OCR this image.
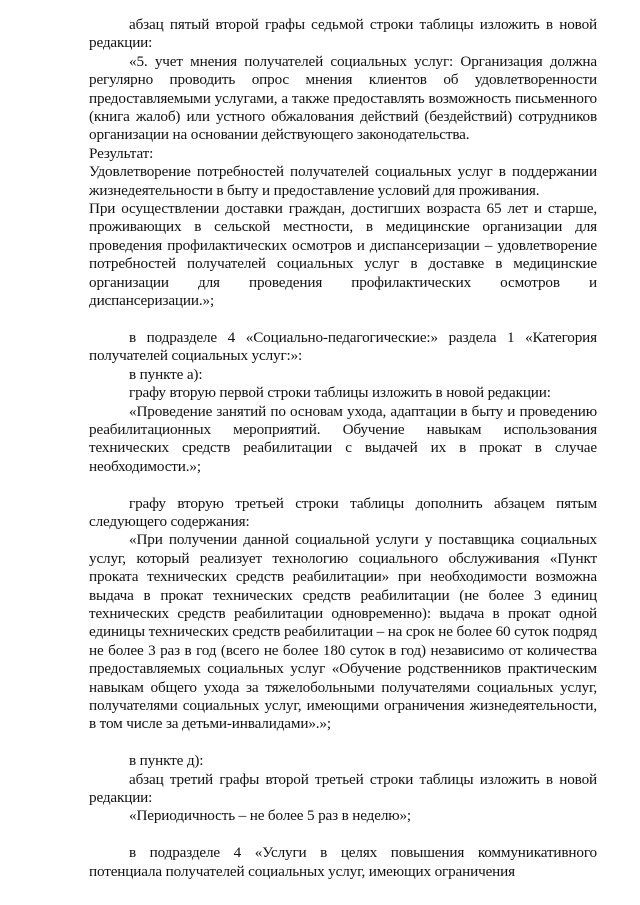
абзац пятый второй графы седьмой строки таблицы изложить в новой редакции:

«5. учет мнения получателей социальных услуг: Организация должна регулярно проводить опрос мнения клиентов об удовлетворенности предоставляемыми услугами, а также предоставлять возможность письменного (книга жалоб) или устного обжалования действий (бездействий) сотрудников организации на основании действующего законодательства.

Результат:

Удовлетворение потребностей получателей социальных услуг в поддержании жизнедеятельности в быту и предоставление условий для проживания.

При осуществлении доставки граждан, достигших возраста 65 лет и старше, проживающих в сельской местности, в медицинские организации для проведения профилактических осмотров и диспансеризации – удовлетворение потребностей получателей социальных услуг в доставке в медицинские организации для проведения профилактических осмотров и диспансеризации.»;

в подразделе 4 «Социально-педагогические:» раздела 1 «Категория получателей социальных услуг:»:

в пункте а):

графу вторую первой строки таблицы изложить в новой редакции:

«Проведение занятий по основам ухода, адаптации в быту и проведению реабилитационных мероприятий. Обучение навыкам использования технических средств реабилитации с выдачей их в прокат в случае необходимости.»;

графу вторую третьей строки таблицы дополнить абзацем пятым следующего содержания:

«При получении данной социальной услуги у поставщика социальных услуг, который реализует технологию социального обслуживания «Пункт проката технических средств реабилитации» при необходимости возможна выдача в прокат технических средств реабилитации (не более 3 единиц технических средств реабилитации одновременно): выдача в прокат одной единицы технических средств реабилитации – на срок не более 60 суток подряд не более 3 раз в год (всего не более 180 суток в год) независимо от количества предоставляемых социальных услуг «Обучение родственников практическим навыкам общего ухода за тяжелобольными получателями социальных услуг, получателями социальных услуг, имеющими ограничения жизнедеятельности, в том числе за детьми-инвалидами».»;

в пункте д):

абзац третий графы второй третьей строки таблицы изложить в новой редакции:

«Периодичность – не более 5 раз в неделю»;

в подразделе 4 «Услуги в целях повышения коммуникативного потенциала получателей социальных услуг, имеющих ограничения
